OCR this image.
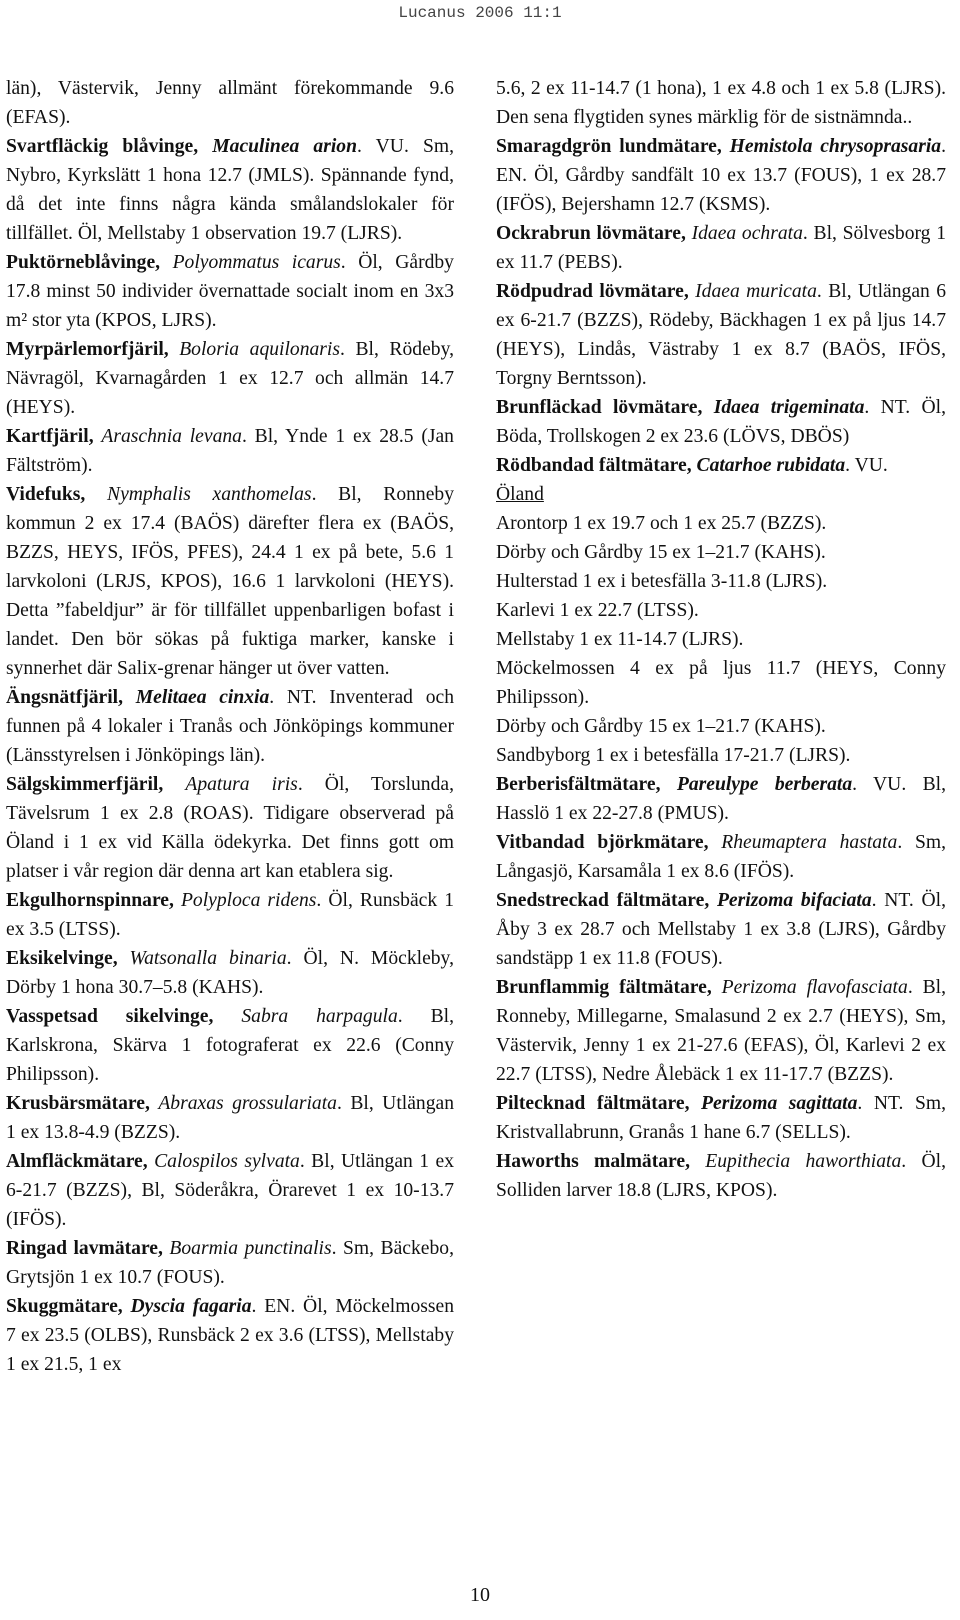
Lucanus 2006 11:1

län), Västervik, Jenny allmänt förekommande 9.6 (EFAS).

Svartfläckig blåvinge, Maculinea arion. VU. Sm, Nybro, Kyrkslätt 1 hona 12.7 (JMLS). Spännande fynd, då det inte finns några kända smålandslokaler för tillfället. Öl, Mellstaby 1 observation 19.7 (LJRS).

Puktörneblåvinge, Polyommatus icarus. Öl, Gårdby 17.8 minst 50 individer övernattade socialt inom en 3x3 m² stor yta (KPOS, LJRS).

Myrpärlemorfjäril, Boloria aquilonaris. Bl, Rödeby, Nävragöl, Kvarnagården 1 ex 12.7 och allmän 14.7 (HEYS).

Kartfjäril, Araschnia levana. Bl, Ynde 1 ex 28.5 (Jan Fältström).

Videfuks, Nymphalis xanthomelas. Bl, Ronneby kommun 2 ex 17.4 (BAÖS) därefter flera ex (BAÖS, BZZS, HEYS, IFÖS, PFES), 24.4 1 ex på bete, 5.6 1 larvkoloni (LRJS, KPOS), 16.6 1 larvkoloni (HEYS). Detta ”fabeldjur” är för tillfället uppenbarligen bofast i landet. Den bör sökas på fuktiga marker, kanske i synnerhet där Salix-grenar hänger ut över vatten.

Ängsnätfjäril, Melitaea cinxia. NT. Inventerad och funnen på 4 lokaler i Tranås och Jönköpings kommuner (Länsstyrelsen i Jönköpings län).

Sälgskimmerfjäril, Apatura iris. Öl, Torslunda, Tävelsrum 1 ex 2.8 (ROAS). Tidigare observerad på Öland i 1 ex vid Källa ödekyrka. Det finns gott om platser i vår region där denna art kan etablera sig.

Ekgulhornspinnare, Polyploca ridens. Öl, Runsbäck 1 ex 3.5 (LTSS).

Eksikelvinge, Watsonalla binaria. Öl, N. Möckleby, Dörby 1 hona 30.7–5.8 (KAHS).

Vasspetsad sikelvinge, Sabra harpagula. Bl, Karlskrona, Skärva 1 fotograferat ex 22.6 (Conny Philipsson).

Krusbärsmätare, Abraxas grossulariata. Bl, Utlängan 1 ex 13.8-4.9 (BZZS).

Almfläckmätare, Calospilos sylvata. Bl, Utlängan 1 ex 6-21.7 (BZZS), Bl, Söderåkra, Örarevet 1 ex 10-13.7 (IFÖS).

Ringad lavmätare, Boarmia punctinalis. Sm, Bäckebo, Grytsjön 1 ex 10.7 (FOUS).

Skuggmätare, Dyscia fagaria. EN. Öl, Möckelmossen 7 ex 23.5 (OLBS), Runsbäck 2 ex 3.6 (LTSS), Mellstaby 1 ex 21.5, 1 ex

5.6, 2 ex 11-14.7 (1 hona), 1 ex 4.8 och 1 ex 5.8 (LJRS). Den sena flygtiden synes märklig för de sistnämnda..

Smaragdgrön lundmätare, Hemistola chrysoprasaria. EN. Öl, Gårdby sandfält 10 ex 13.7 (FOUS), 1 ex 28.7 (IFÖS), Bejershamn 12.7 (KSMS).

Ockrabrun lövmätare, Idaea ochrata. Bl, Sölvesborg 1 ex 11.7 (PEBS).

Rödpudrad lövmätare, Idaea muricata. Bl, Utlängan 6 ex 6-21.7 (BZZS), Rödeby, Bäckhagen 1 ex på ljus 14.7 (HEYS), Lindås, Västraby 1 ex 8.7 (BAÖS, IFÖS, Torgny Berntsson).

Brunfläckad lövmätare, Idaea trigeminata. NT. Öl, Böda, Trollskogen 2 ex 23.6 (LÖVS, DBÖS)

Rödbandad fältmätare, Catarhoe rubidata. VU.

Öland

Arontorp 1 ex 19.7 och 1 ex 25.7 (BZZS).

Dörby och Gårdby 15 ex 1–21.7 (KAHS).

Hulterstad 1 ex i betesfälla 3-11.8 (LJRS).

Karlevi 1 ex 22.7 (LTSS).

Mellstaby 1 ex 11-14.7 (LJRS).

Möckelmossen 4 ex på ljus 11.7 (HEYS, Conny Philipsson).

Dörby och Gårdby 15 ex 1–21.7 (KAHS).

Sandbyborg 1 ex i betesfälla 17-21.7 (LJRS).

Berberisfältmätare, Pareulype berberata. VU. Bl, Hasslö 1 ex 22-27.8 (PMUS).

Vitbandad björkmätare, Rheumaptera hastata. Sm, Långasjö, Karsamåla 1 ex 8.6 (IFÖS).

Snedstreckad fältmätare, Perizoma bifaciata. NT. Öl, Åby 3 ex 28.7 och Mellstaby 1 ex 3.8 (LJRS), Gårdby sandstäpp 1 ex 11.8 (FOUS).

Brunflammig fältmätare, Perizoma flavofasciata. Bl, Ronneby, Millegarne, Smalasund 2 ex 2.7 (HEYS), Sm, Västervik, Jenny 1 ex 21-27.6 (EFAS), Öl, Karlevi 2 ex 22.7 (LTSS), Nedre Ålebäck 1 ex 11-17.7 (BZZS).

Piltecknad fältmätare, Perizoma sagittata. NT. Sm, Kristvallabrunn, Granås 1 hane 6.7 (SELLS).

Haworths malmätare, Eupithecia haworthiata. Öl, Solliden larver 18.8 (LJRS, KPOS).

10
